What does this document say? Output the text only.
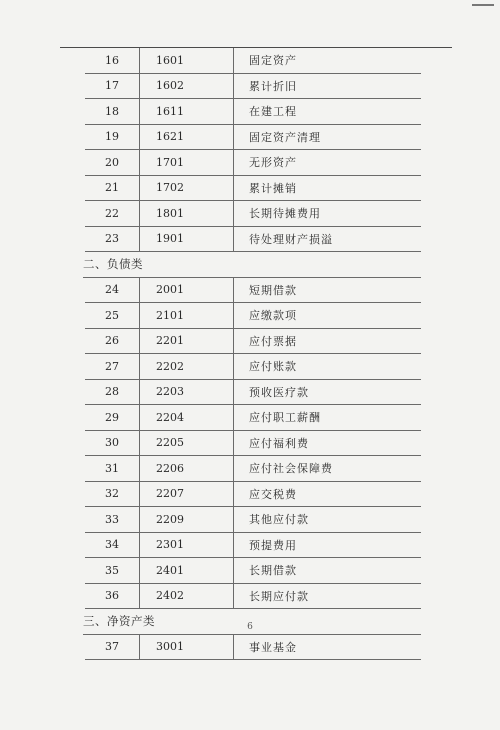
16	1601	固定资产
17	1602	累计折旧
18	1611	在建工程
19	1621	固定资产清理
20	1701	无形资产
21	1702	累计摊销
22	1801	长期待摊费用
23	1901	待处理财产损溢
二、负债类
24	2001	短期借款
25	2101	应缴款项
26	2201	应付票据
27	2202	应付账款
28	2203	预收医疗款
29	2204	应付职工薪酬
30	2205	应付福利费
31	2206	应付社会保障费
32	2207	应交税费
33	2209	其他应付款
34	2301	预提费用
35	2401	长期借款
36	2402	长期应付款
三、净资产类
37	3001	事业基金
6
